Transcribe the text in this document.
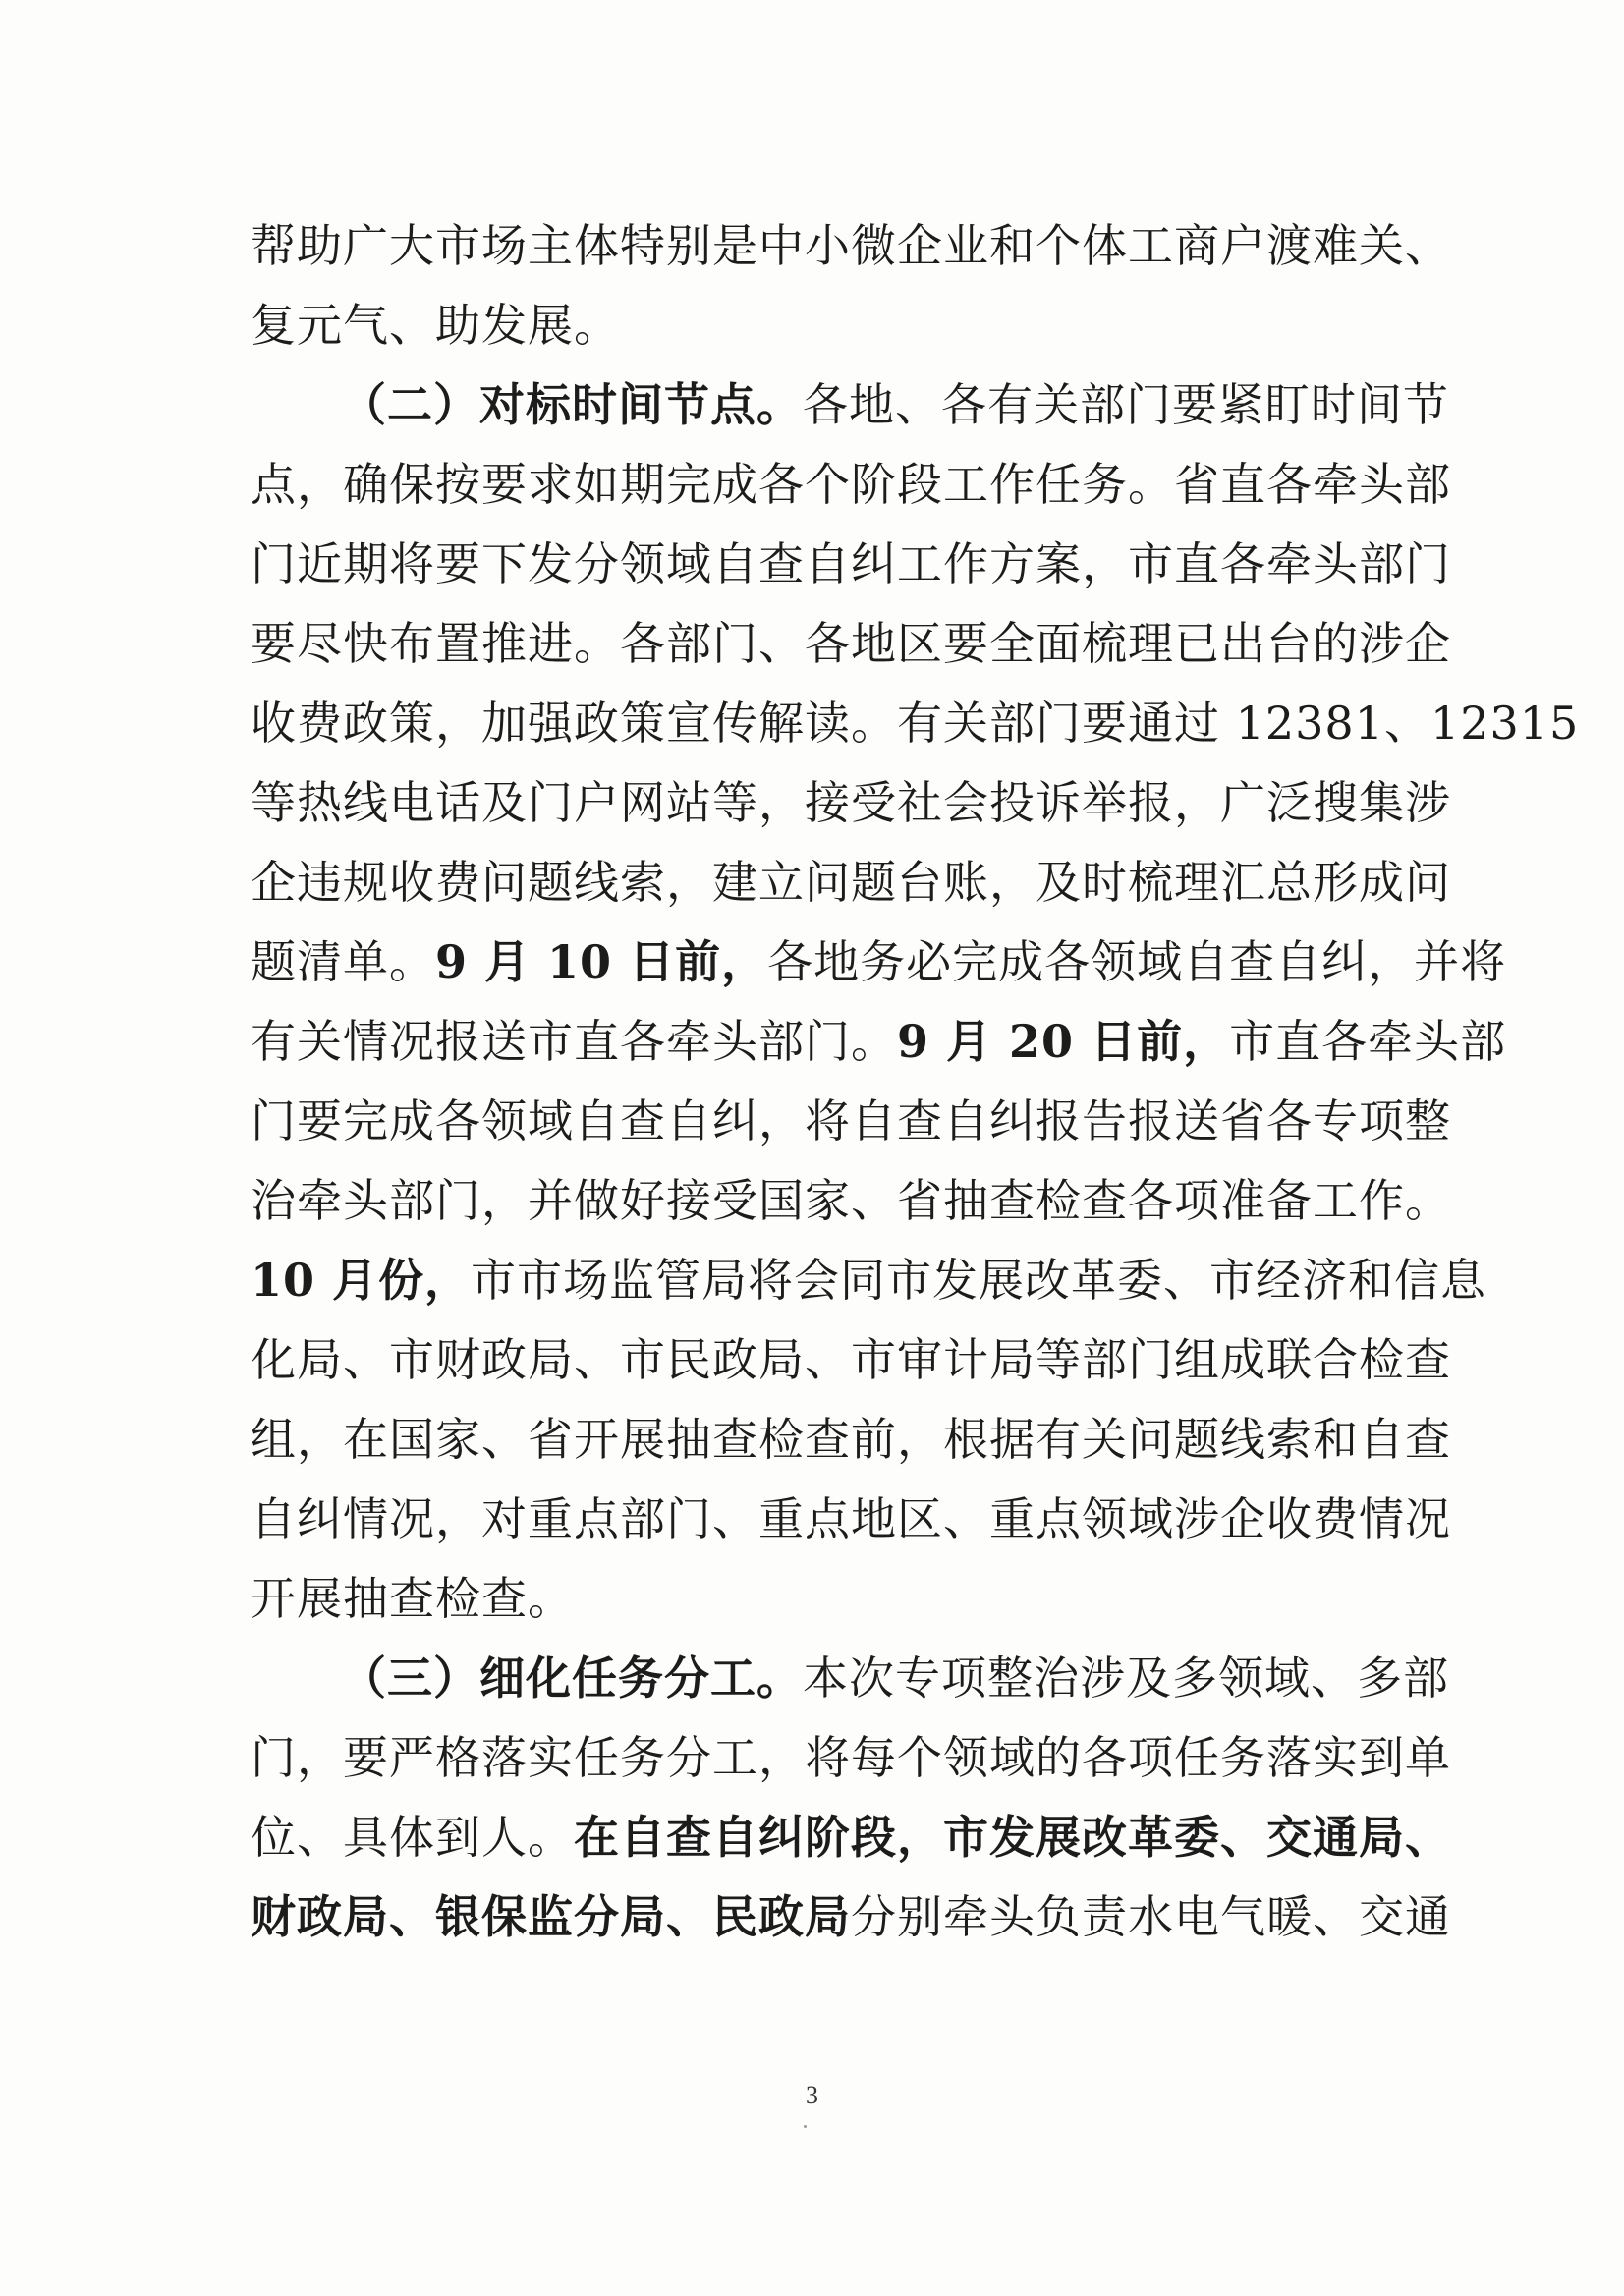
帮助广大市场主体特别是中小微企业和个体工商户渡难关、
复元气、助发展。
（二）对标时间节点。各地、各有关部门要紧盯时间节
点，确保按要求如期完成各个阶段工作任务。省直各牵头部
门近期将要下发分领域自查自纠工作方案，市直各牵头部门
要尽快布置推进。各部门、各地区要全面梳理已出台的涉企
收费政策，加强政策宣传解读。有关部门要通过 12381、12315
等热线电话及门户网站等，接受社会投诉举报，广泛搜集涉
企违规收费问题线索，建立问题台账，及时梳理汇总形成问
题清单。9 月 10 日前，各地务必完成各领域自查自纠，并将
有关情况报送市直各牵头部门。9 月 20 日前，市直各牵头部
门要完成各领域自查自纠，将自查自纠报告报送省各专项整
治牵头部门，并做好接受国家、省抽查检查各项准备工作。
10 月份，市市场监管局将会同市发展改革委、市经济和信息
化局、市财政局、市民政局、市审计局等部门组成联合检查
组，在国家、省开展抽查检查前，根据有关问题线索和自查
自纠情况，对重点部门、重点地区、重点领域涉企收费情况
开展抽查检查。
（三）细化任务分工。本次专项整治涉及多领域、多部
门，要严格落实任务分工，将每个领域的各项任务落实到单
位、具体到人。在自查自纠阶段，市发展改革委、交通局、
财政局、银保监分局、民政局分别牵头负责水电气暖、交通
3
